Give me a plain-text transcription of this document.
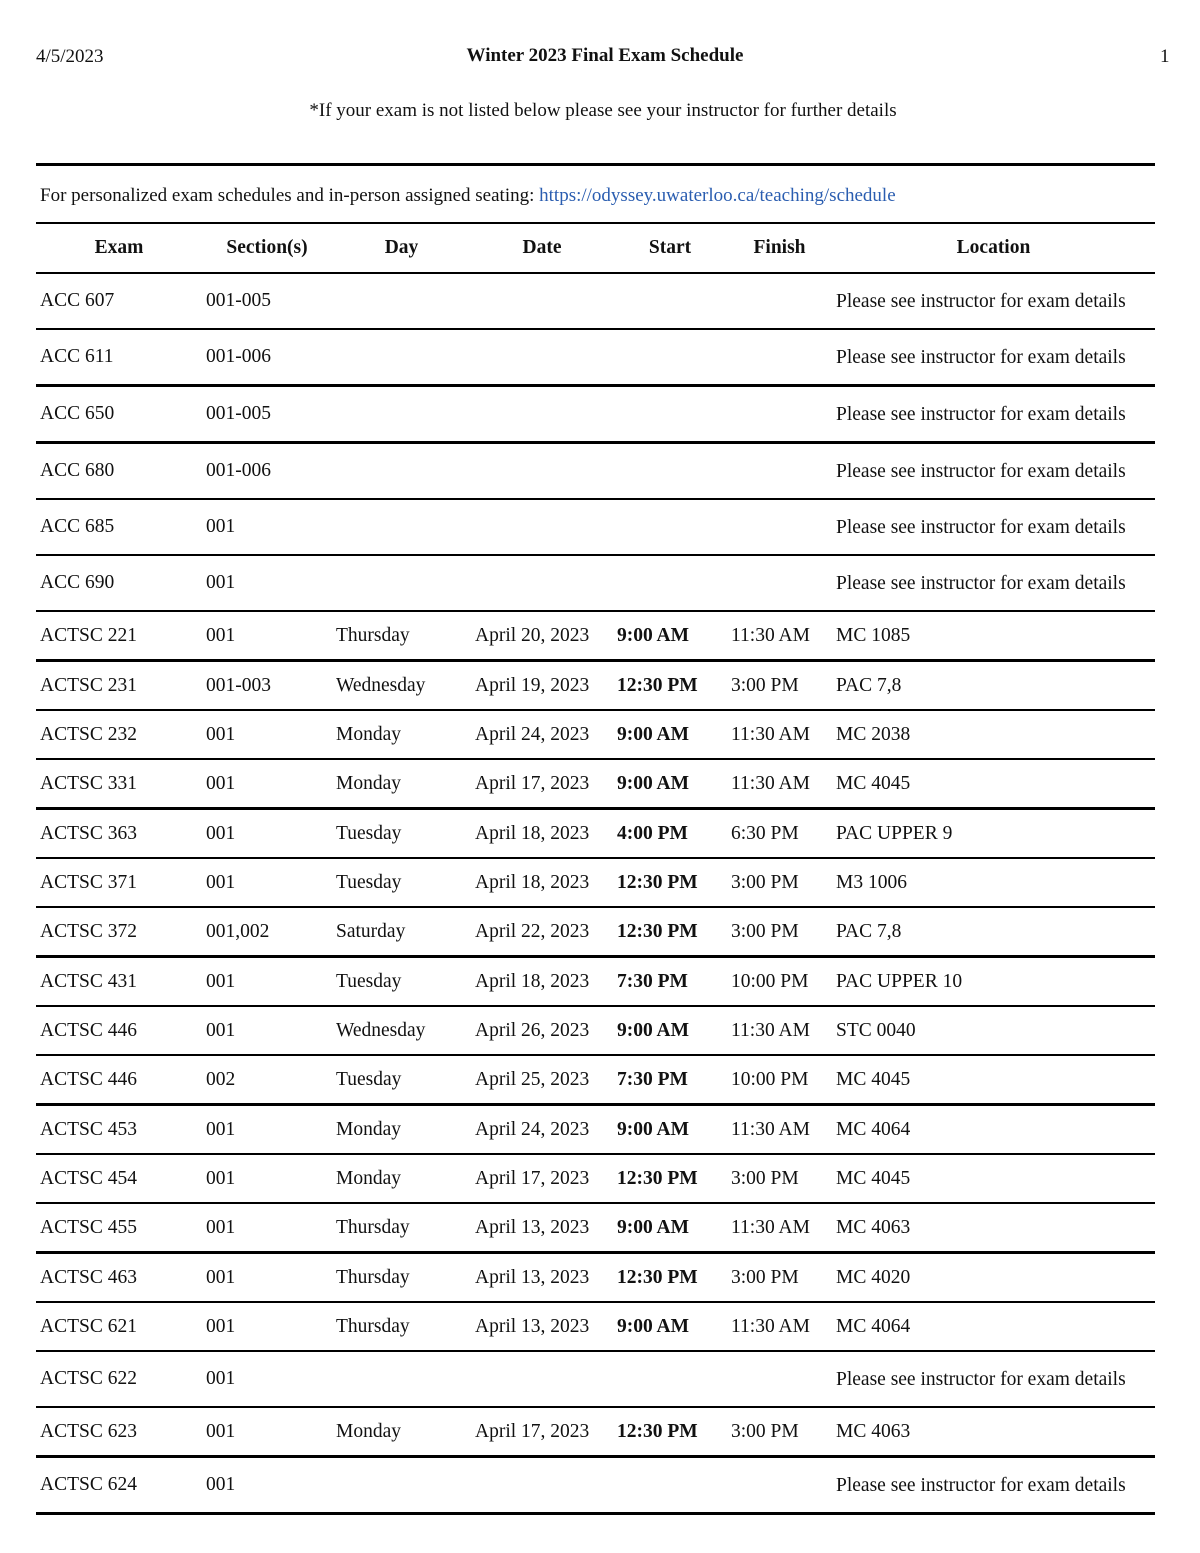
4/5/2023	Winter 2023 Final Exam Schedule	1
*If your exam is not listed below please see your instructor for further details
For personalized exam schedules and in-person assigned seating: https://odyssey.uwaterloo.ca/teaching/schedule
Exam	Section(s)	Day	Date	Start	Finish	Location
ACC 607	001-005					Please see instructor for exam details
ACC 611	001-006					Please see instructor for exam details
ACC 650	001-005					Please see instructor for exam details
ACC 680	001-006					Please see instructor for exam details
ACC 685	001					Please see instructor for exam details
ACC 690	001					Please see instructor for exam details
ACTSC 221	001	Thursday	April 20, 2023	9:00 AM	11:30 AM	MC 1085
ACTSC 231	001-003	Wednesday	April 19, 2023	12:30 PM	3:00 PM	PAC 7,8
ACTSC 232	001	Monday	April 24, 2023	9:00 AM	11:30 AM	MC 2038
ACTSC 331	001	Monday	April 17, 2023	9:00 AM	11:30 AM	MC 4045
ACTSC 363	001	Tuesday	April 18, 2023	4:00 PM	6:30 PM	PAC UPPER 9
ACTSC 371	001	Tuesday	April 18, 2023	12:30 PM	3:00 PM	M3 1006
ACTSC 372	001,002	Saturday	April 22, 2023	12:30 PM	3:00 PM	PAC 7,8
ACTSC 431	001	Tuesday	April 18, 2023	7:30 PM	10:00 PM	PAC UPPER 10
ACTSC 446	001	Wednesday	April 26, 2023	9:00 AM	11:30 AM	STC 0040
ACTSC 446	002	Tuesday	April 25, 2023	7:30 PM	10:00 PM	MC 4045
ACTSC 453	001	Monday	April 24, 2023	9:00 AM	11:30 AM	MC 4064
ACTSC 454	001	Monday	April 17, 2023	12:30 PM	3:00 PM	MC 4045
ACTSC 455	001	Thursday	April 13, 2023	9:00 AM	11:30 AM	MC 4063
ACTSC 463	001	Thursday	April 13, 2023	12:30 PM	3:00 PM	MC 4020
ACTSC 621	001	Thursday	April 13, 2023	9:00 AM	11:30 AM	MC 4064
ACTSC 622	001					Please see instructor for exam details
ACTSC 623	001	Monday	April 17, 2023	12:30 PM	3:00 PM	MC 4063
ACTSC 624	001					Please see instructor for exam details
